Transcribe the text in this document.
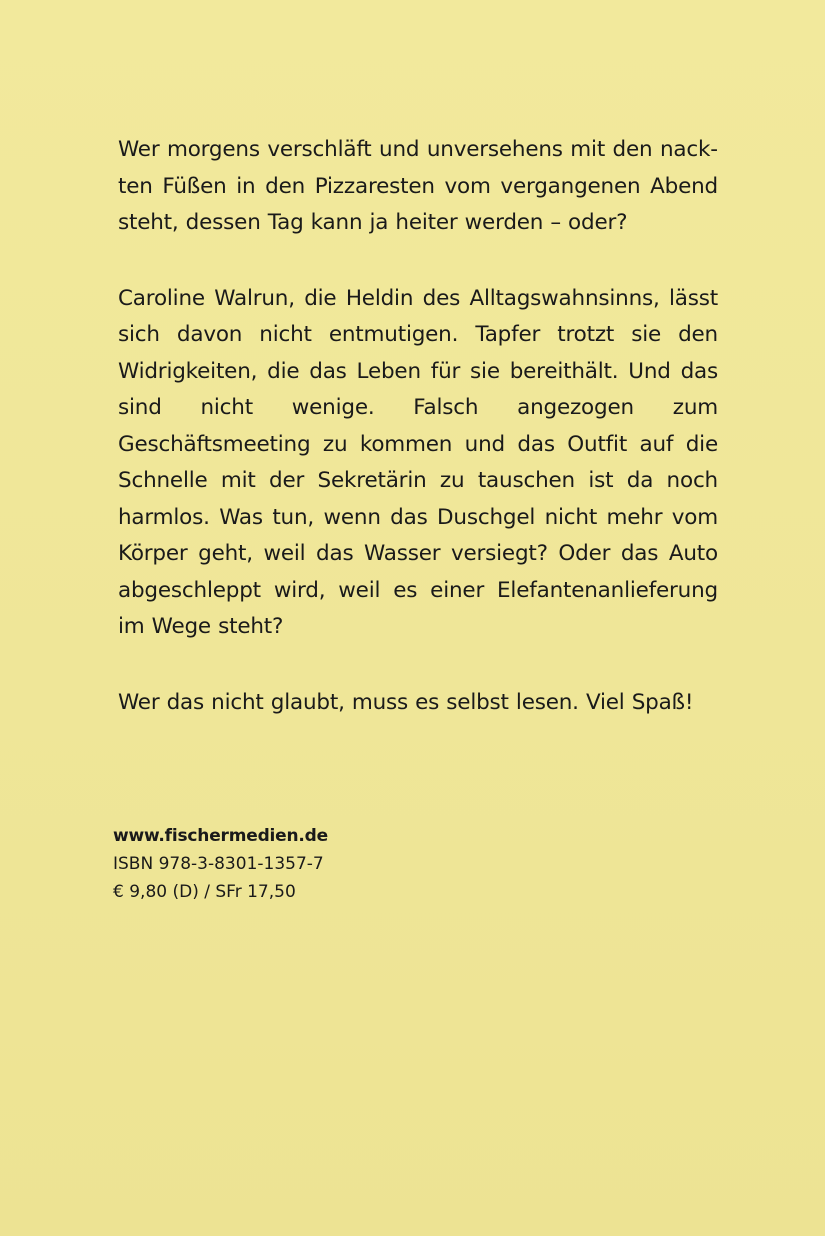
Wer morgens verschläft und unversehens mit den nackten Füßen in den Pizzaresten vom vergangenen Abend steht, dessen Tag kann ja heiter werden – oder?

Caroline Walrun, die Heldin des Alltagswahnsinns, lässt sich davon nicht entmutigen. Tapfer trotzt sie den Widrigkeiten, die das Leben für sie bereithält. Und das sind nicht wenige. Falsch angezogen zum Geschäftsmeeting zu kommen und das Outfit auf die Schnelle mit der Sekretärin zu tauschen ist da noch harmlos. Was tun, wenn das Duschgel nicht mehr vom Körper geht, weil das Wasser versiegt? Oder das Auto abgeschleppt wird, weil es einer Elefantenanlieferung im Wege steht?

Wer das nicht glaubt, muss es selbst lesen. Viel Spaß!

www.fischermedien.de
ISBN 978-3-8301-1357-7
€ 9,80 (D) / SFr 17,50
